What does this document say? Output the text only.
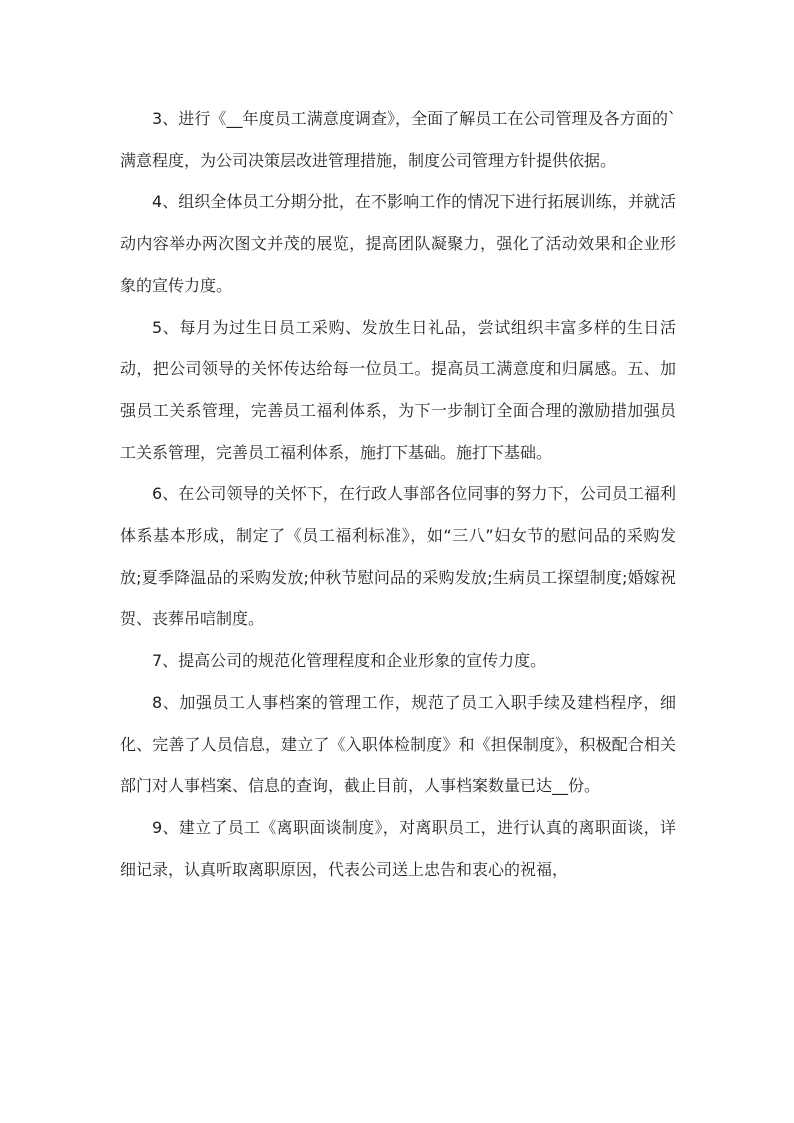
3、进行《__年度员工满意度调查》，全面了解员工在公司管理及各方面的`满意程度，为公司决策层改进管理措施，制度公司管理方针提供依据。

4、组织全体员工分期分批，在不影响工作的情况下进行拓展训练，并就活动内容举办两次图文并茂的展览，提高团队凝聚力，强化了活动效果和企业形象的宣传力度。

5、每月为过生日员工采购、发放生日礼品，尝试组织丰富多样的生日活动，把公司领导的关怀传达给每一位员工。提高员工满意度和归属感。五、加强员工关系管理，完善员工福利体系，为下一步制订全面合理的激励措加强员工关系管理，完善员工福利体系，施打下基础。施打下基础。

6、在公司领导的关怀下，在行政人事部各位同事的努力下，公司员工福利体系基本形成，制定了《员工福利标准》，如“三八”妇女节的慰问品的采购发放;夏季降温品的采购发放;仲秋节慰问品的采购发放;生病员工探望制度;婚嫁祝贺、丧葬吊唁制度。

7、提高公司的规范化管理程度和企业形象的宣传力度。

8、加强员工人事档案的管理工作，规范了员工入职手续及建档程序，细化、完善了人员信息，建立了《入职体检制度》和《担保制度》，积极配合相关部门对人事档案、信息的查询，截止目前，人事档案数量已达__份。

9、建立了员工《离职面谈制度》，对离职员工，进行认真的离职面谈，详细记录，认真听取离职原因，代表公司送上忠告和衷心的祝福，
